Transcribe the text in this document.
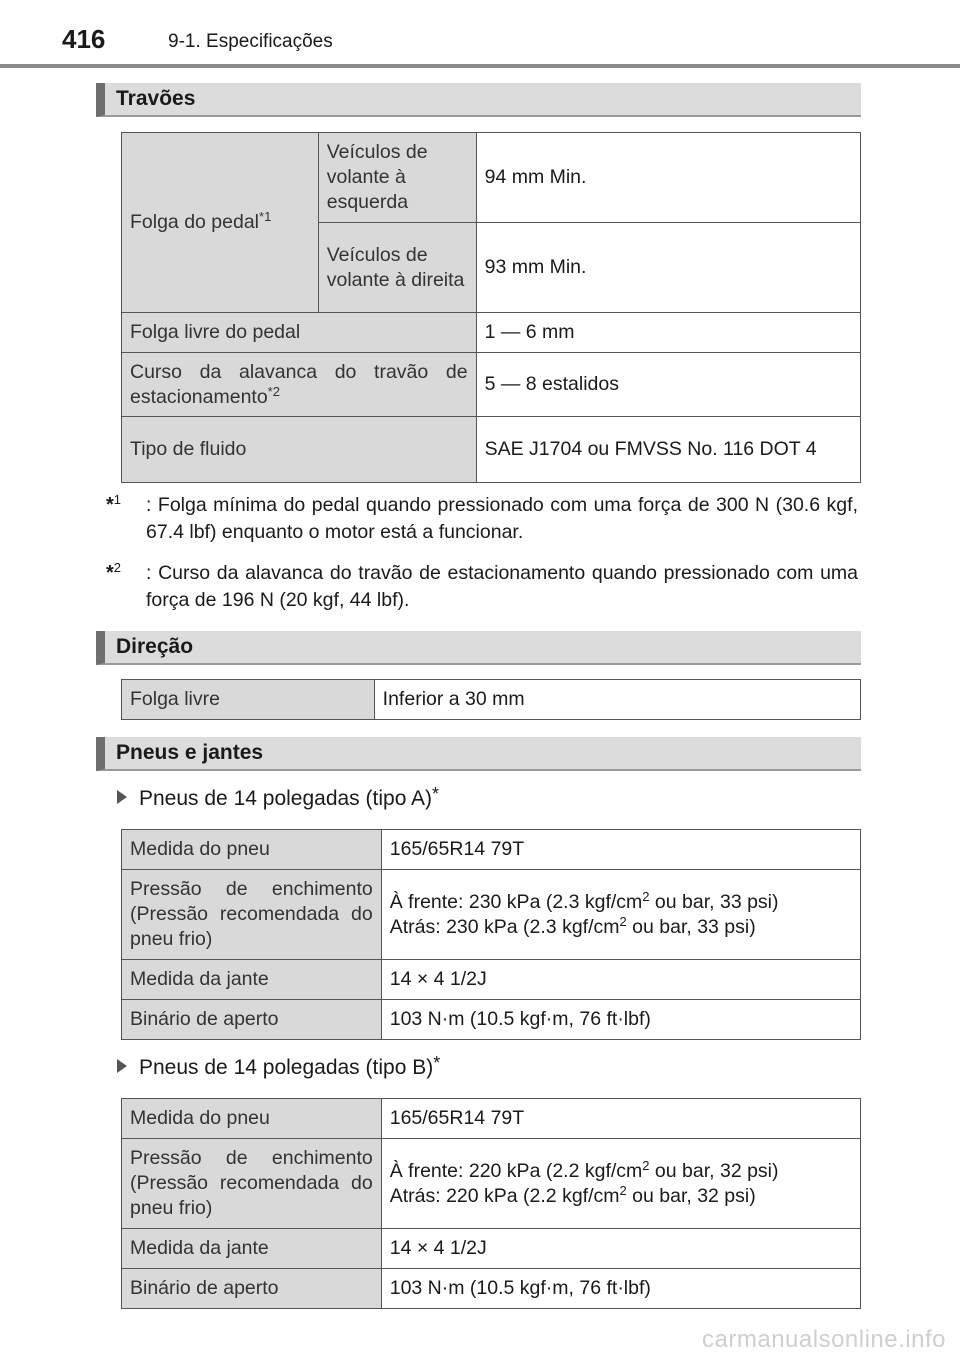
416	9-1. Especificações
Travões
Folga do pedal$^{*1}$	Veículos de volante à esquerda	94 mm Min.
	Veículos de volante à direita	93 mm Min.
Folga livre do pedal		1 — 6 mm
Curso da alavanca do travão de estacionamento$^{*2}$		5 — 8 estalidos
Tipo de fluido		SAE J1704 ou FMVSS No. 116 DOT 4
*$^1$	: Folga mínima do pedal quando pressionado com uma força de 300 N (30.6 kgf, 67.4 lbf) enquanto o motor está a funcionar.
*$^2$	: Curso da alavanca do travão de estacionamento quando pressionado com uma força de 196 N (20 kgf, 44 lbf).
Direção
Folga livre	Inferior a 30 mm
Pneus e jantes
Pneus de 14 polegadas (tipo A)*
Medida do pneu	165/65R14 79T
Pressão de enchimento (Pressão recomendada do pneu frio)	À frente: 230 kPa (2.3 kgf/$cm^2$ ou bar, 33 psi)
Atrás: 230 kPa (2.3 kgf/$cm^2$ ou bar, 33 psi)
Medida da jante	14 × 4 1/2J
Binário de aperto	103 N·m (10.5 kgf·m, 76 ft·lbf)
Pneus de 14 polegadas (tipo B)*
Medida do pneu	165/65R14 79T
Pressão de enchimento (Pressão recomendada do pneu frio)	À frente: 220 kPa (2.2 kgf/$cm^2$ ou bar, 32 psi)
Atrás: 220 kPa (2.2 kgf/$cm^2$ ou bar, 32 psi)
Medida da jante	14 × 4 1/2J
Binário de aperto	103 N·m (10.5 kgf·m, 76 ft·lbf)
carmanualsonline.info
